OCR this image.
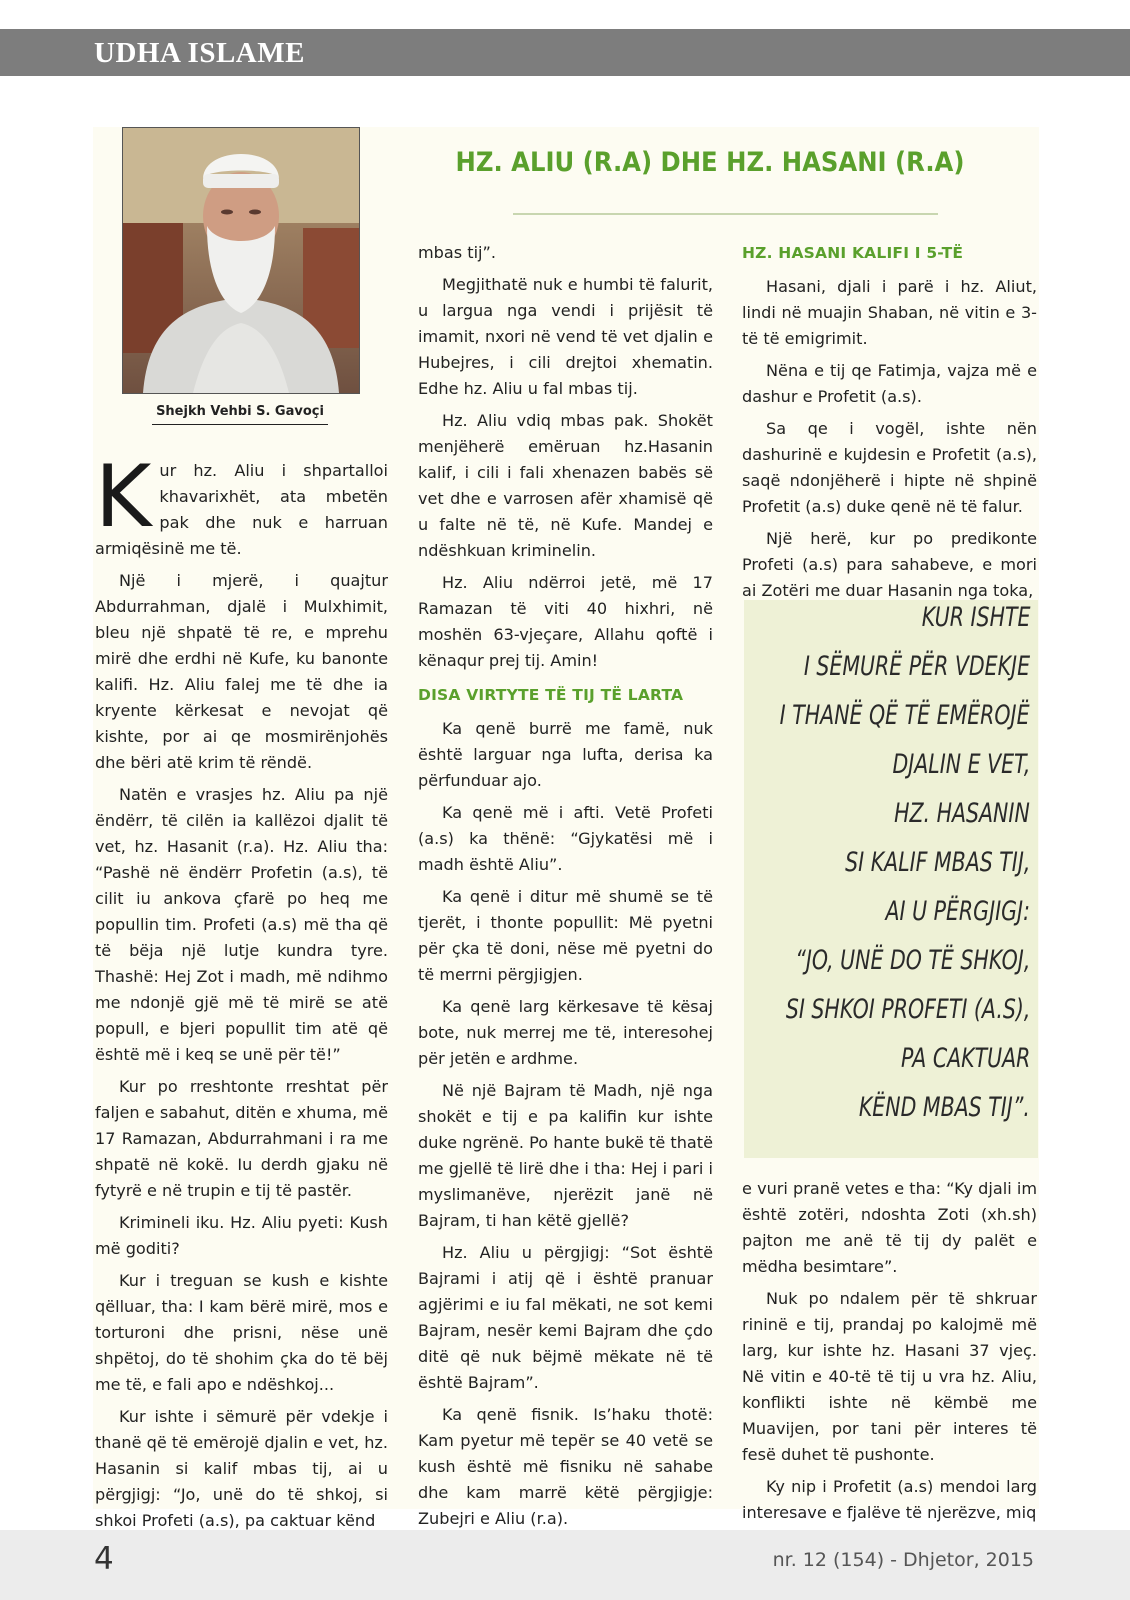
UDHA ISLAME
Shejkh Vehbi S. Gavoçi
HZ. ALIU (R.A) DHE HZ. HASANI (R.A)

Kur hz. Aliu i shpartalloi khavarixhët, ata mbetën pak dhe nuk e harruan armiqësinë me të.

Një i mjerë, i quajtur Abdurrahman, djalë i Mulxhimit, bleu një shpatë të re, e mprehu mirë dhe erdhi në Kufe, ku banonte kalifi. Hz. Aliu falej me të dhe ia kryente kërkesat e nevojat që kishte, por ai qe mosmirënjohës dhe bëri atë krim të rëndë.

Natën e vrasjes hz. Aliu pa një ëndërr, të cilën ia kallëzoi djalit të vet, hz. Hasanit (r.a). Hz. Aliu tha: “Pashë në ëndërr Profetin (a.s), të cilit iu ankova çfarë po heq me popullin tim. Profeti (a.s) më tha që të bëja një lutje kundra tyre. Thashë: Hej Zot i madh, më ndihmo me ndonjë gjë më të mirë se atë popull, e bjeri popullit tim atë që është më i keq se unë për të!”

Kur po rreshtonte rreshtat për faljen e sabahut, ditën e xhuma, më 17 Ramazan, Abdurrahmani i ra me shpatë në kokë. Iu derdh gjaku në fytyrë e në trupin e tij të pastër.

Krimineli iku. Hz. Aliu pyeti: Kush më goditi?

Kur i treguan se kush e kishte qëlluar, tha: I kam bërë mirë, mos e torturoni dhe prisni, nëse unë shpëtoj, do të shohim çka do të bëj me të, e fali apo e ndëshkoj...

Kur ishte i sëmurë për vdekje i thanë që të emërojë djalin e vet, hz. Hasanin si kalif mbas tij, ai u përgjigj: “Jo, unë do të shkoj, si shkoi Profeti (a.s), pa caktuar kënd

mbas tij”.

Megjithatë nuk e humbi të falurit, u largua nga vendi i prijësit të imamit, nxori në vend të vet djalin e Hubejres, i cili drejtoi xhematin. Edhe hz. Aliu u fal mbas tij.

Hz. Aliu vdiq mbas pak. Shokët menjëherë emëruan hz.Hasanin kalif, i cili i fali xhenazen babës së vet dhe e varrosen afër xhamisë që u falte në të, në Kufe. Mandej e ndëshkuan kriminelin.

Hz. Aliu ndërroi jetë, më 17 Ramazan të viti 40 hixhri, në moshën 63-vjeçare, Allahu qoftë i kënaqur prej tij. Amin!

DISA VIRTYTE TË TIJ TË LARTA

Ka qenë burrë me famë, nuk është larguar nga lufta, derisa ka përfunduar ajo.

Ka qenë më i afti. Vetë Profeti (a.s) ka thënë: “Gjykatësi më i madh është Aliu”.

Ka qenë i ditur më shumë se të tjerët, i thonte popullit: Më pyetni për çka të doni, nëse më pyetni do të merrni përgjigjen.

Ka qenë larg kërkesave të kësaj bote, nuk merrej me të, interesohej për jetën e ardhme.

Në një Bajram të Madh, një nga shokët e tij e pa kalifin kur ishte duke ngrënë. Po hante bukë të thatë me gjellë të lirë dhe i tha: Hej i pari i myslimanëve, njerëzit janë në Bajram, ti han këtë gjellë?

Hz. Aliu u përgjigj: “Sot është Bajrami i atij që i është pranuar agjërimi e iu fal mëkati, ne sot kemi Bajram, nesër kemi Bajram dhe çdo ditë që nuk bëjmë mëkate në të është Bajram”.

Ka qenë fisnik. Is’haku thotë: Kam pyetur më tepër se 40 vetë se kush është më fisniku në sahabe dhe kam marrë këtë përgjigje: Zubejri e Aliu (r.a).

HZ. HASANI KALIFI I 5-TË

Hasani, djali i parë i hz. Aliut, lindi në muajin Shaban, në vitin e 3-të të emigrimit.

Nëna e tij qe Fatimja, vajza më e dashur e Profetit (a.s).

Sa qe i vogël, ishte nën dashurinë e kujdesin e Profetit (a.s), saqë ndonjëherë i hipte në shpinë Profetit (a.s) duke qenë në të falur.

Një herë, kur po predikonte Profeti (a.s) para sahabeve, e mori ai Zotëri me duar Hasanin nga toka,

KUR ISHTE
I SËMURË PËR VDEKJE
I THANË QË TË EMËROJË
DJALIN E VET,
HZ. HASANIN
SI KALIF MBAS TIJ,
AI U PËRGJIGJ:
“JO, UNË DO TË SHKOJ,
SI SHKOI PROFETI (A.S),
PA CAKTUAR
KËND MBAS TIJ”.

e vuri pranë vetes e tha: “Ky djali im është zotëri, ndoshta Zoti (xh.sh) pajton me anë të tij dy palët e mëdha besimtare”.

Nuk po ndalem për të shkruar rininë e tij, prandaj po kalojmë më larg, kur ishte hz. Hasani 37 vjeç. Në vitin e 40-të të tij u vra hz. Aliu, konflikti ishte në këmbë me Muavijen, por tani për interes të fesë duhet të pushonte.

Ky nip i Profetit (a.s) mendoi larg interesave e fjalëve të njerëzve, miq

4	nr. 12 (154) - Dhjetor, 2015
